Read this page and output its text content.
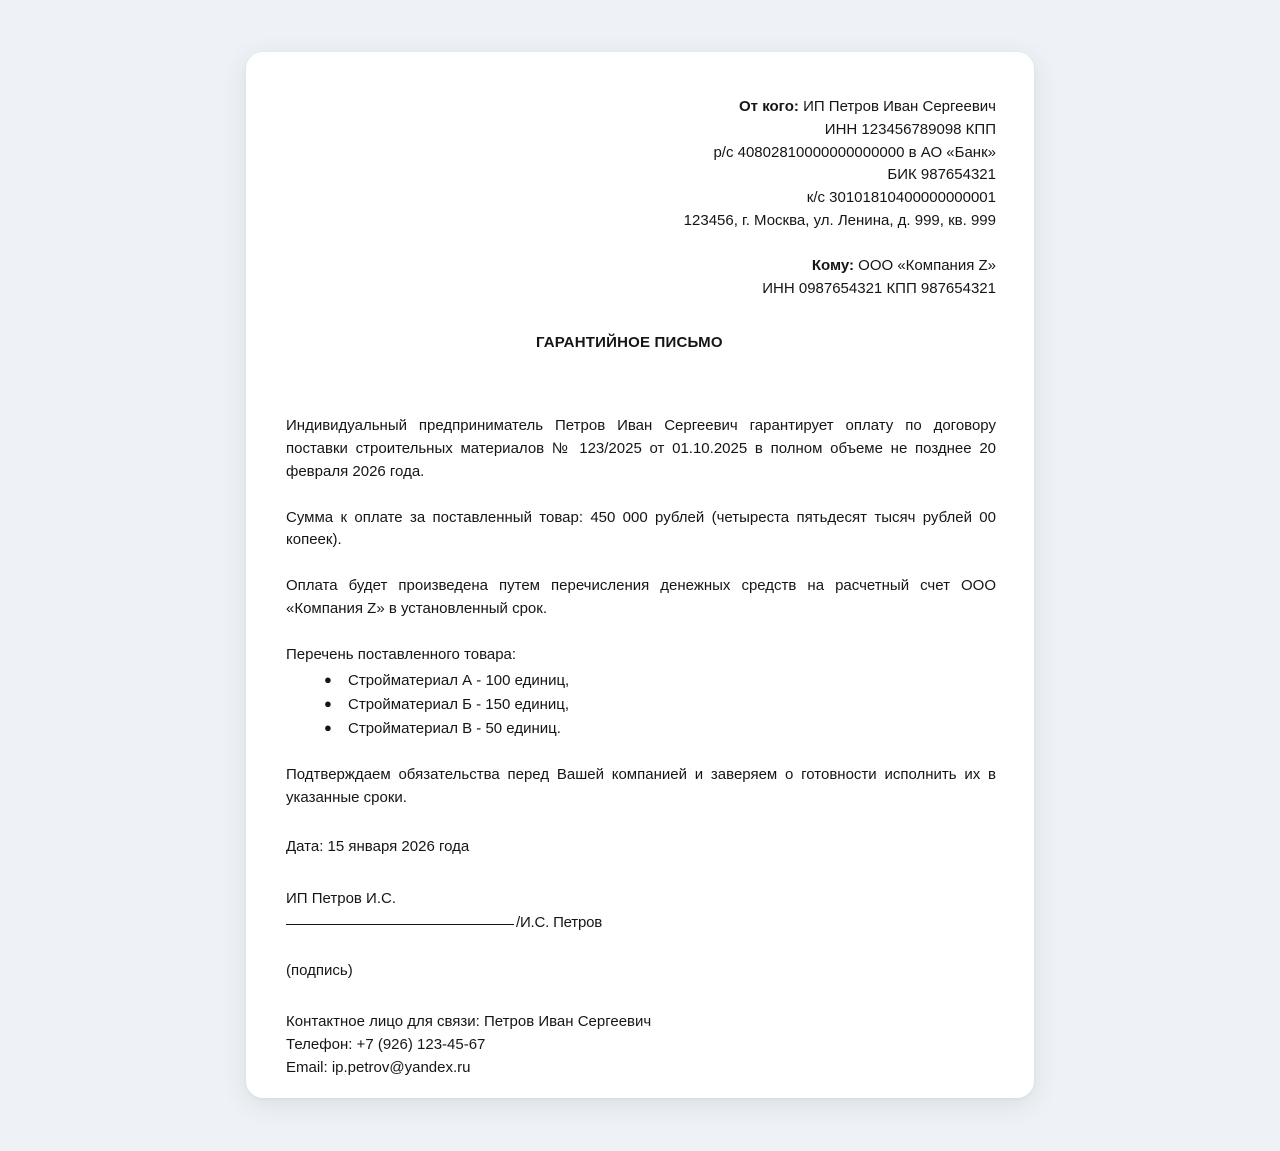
От кого: ИП Петров Иван Сергеевич
ИНН 123456789098 КПП
р/с 40802810000000000000 в АО «Банк»
БИК 987654321
к/с 30101810400000000001
123456, г. Москва, ул. Ленина, д. 999, кв. 999
Кому: ООО «Компания Z»
ИНН 0987654321 КПП 987654321
ГАРАНТИЙНОЕ ПИСЬМО

Индивидуальный предприниматель Петров Иван Сергеевич гарантирует оплату по договору поставки строительных материалов № 123/2025 от 01.10.2025 в полном объеме не позднее 20 февраля 2026 года.

Сумма к оплате за поставленный товар: 450 000 рублей (четыреста пятьдесят тысяч рублей 00 копеек).

Оплата будет произведена путем перечисления денежных средств на расчетный счет ООО «Компания Z» в установленный срок.

Перечень поставленного товара:
● Стройматериал А - 100 единиц,
● Стройматериал Б - 150 единиц,
● Стройматериал В - 50 единиц.

Подтверждаем обязательства перед Вашей компанией и заверяем о готовности исполнить их в указанные сроки.

Дата: 15 января 2026 года
ИП Петров И.С.
/И.С. Петров
(подпись)
Контактное лицо для связи: Петров Иван Сергеевич
Телефон: +7 (926) 123-45-67
Email: ip.petrov@yandex.ru
